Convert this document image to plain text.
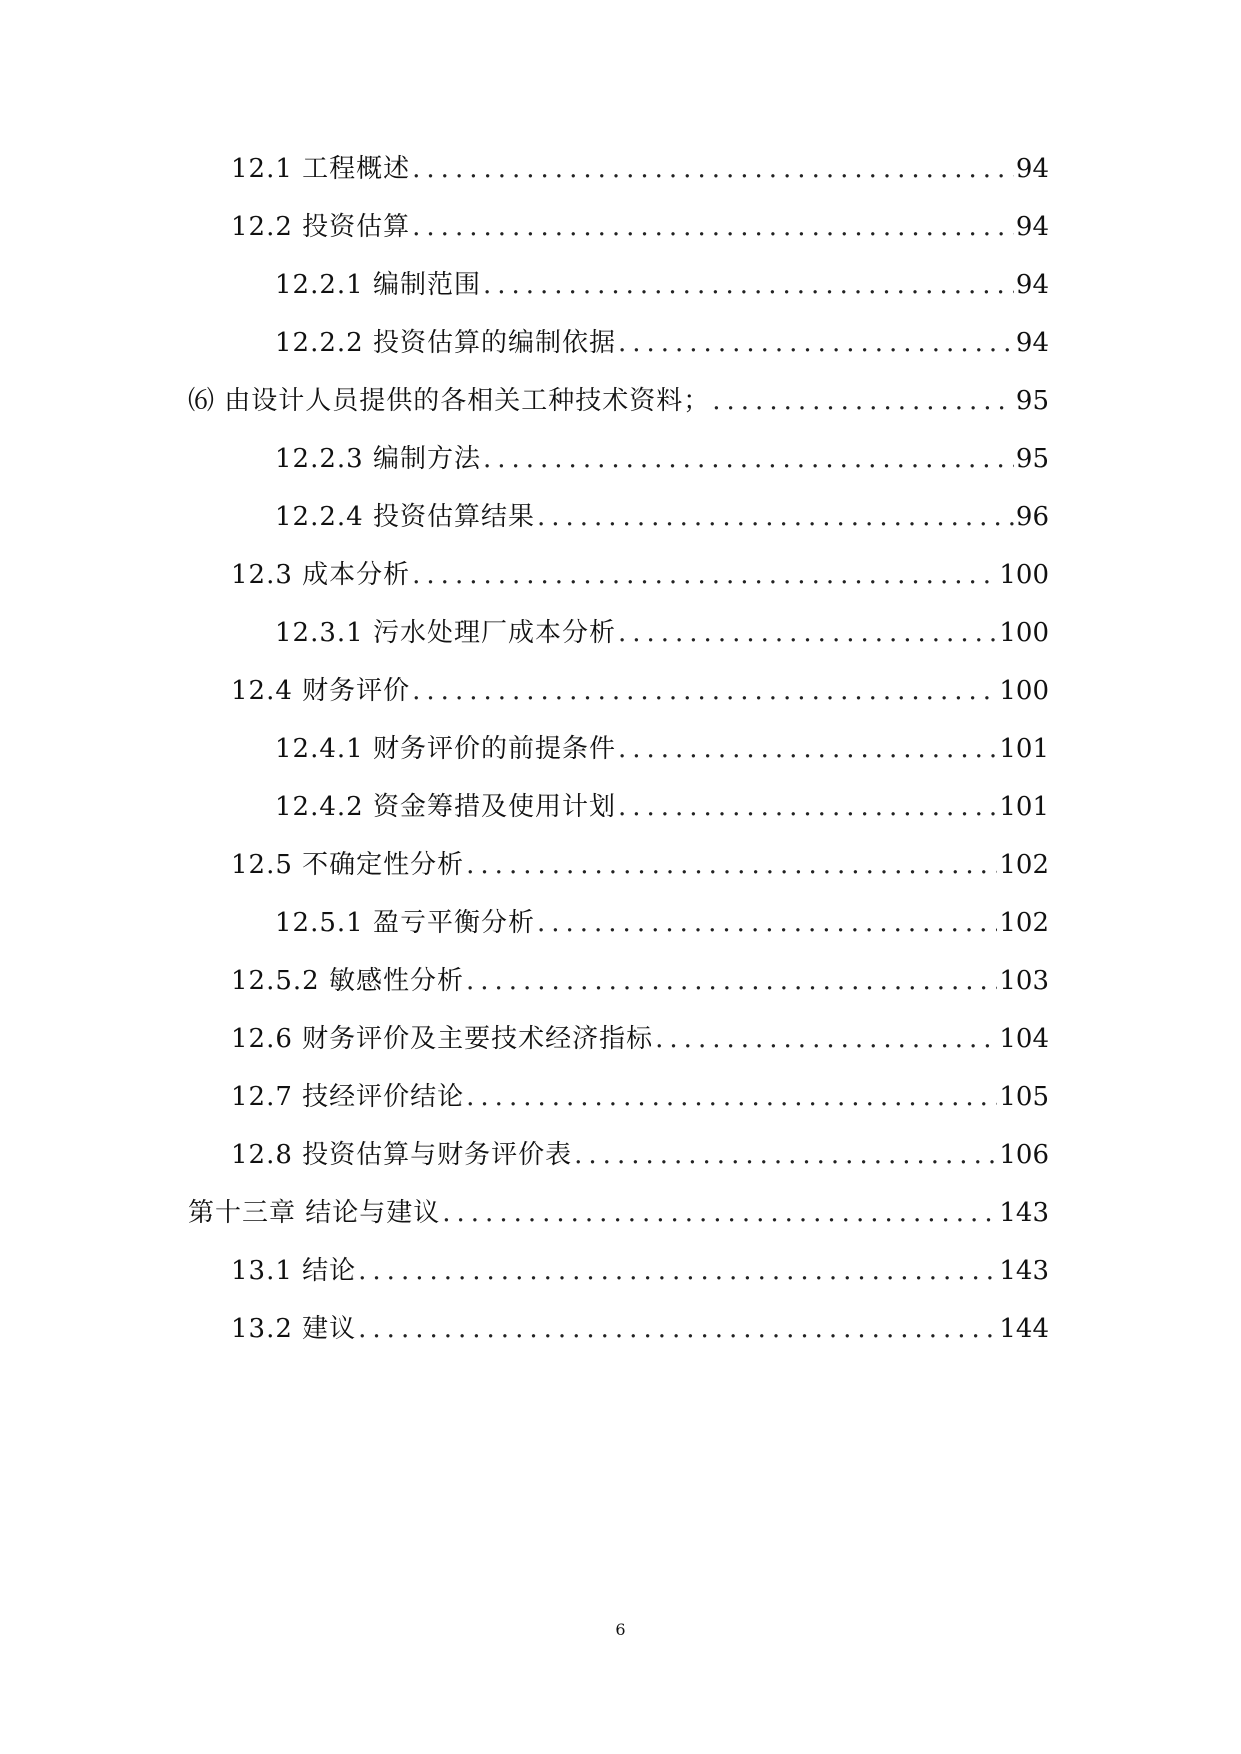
12.1 工程概述 .....	94
12.2 投资估算 .....	94
12.2.1 编制范围 .....	94
12.2.2 投资估算的编制依据 .....	94
⑹ 由设计人员提供的各相关工种技术资料； .....	95
12.2.3 编制方法 .....	95
12.2.4 投资估算结果 .....	96
12.3 成本分析 .....	100
12.3.1 污水处理厂成本分析 .....	100
12.4 财务评价 .....	100
12.4.1 财务评价的前提条件 .....	101
12.4.2 资金筹措及使用计划 .....	101
12.5 不确定性分析 .....	102
12.5.1 盈亏平衡分析 .....	102
12.5.2 敏感性分析 .....	103
12.6 财务评价及主要技术经济指标 .....	104
12.7 技经评价结论 .....	105
12.8 投资估算与财务评价表 .....	106
第十三章 结论与建议 .....	143
13.1 结论 .....	143
13.2 建议 .....	144
6
